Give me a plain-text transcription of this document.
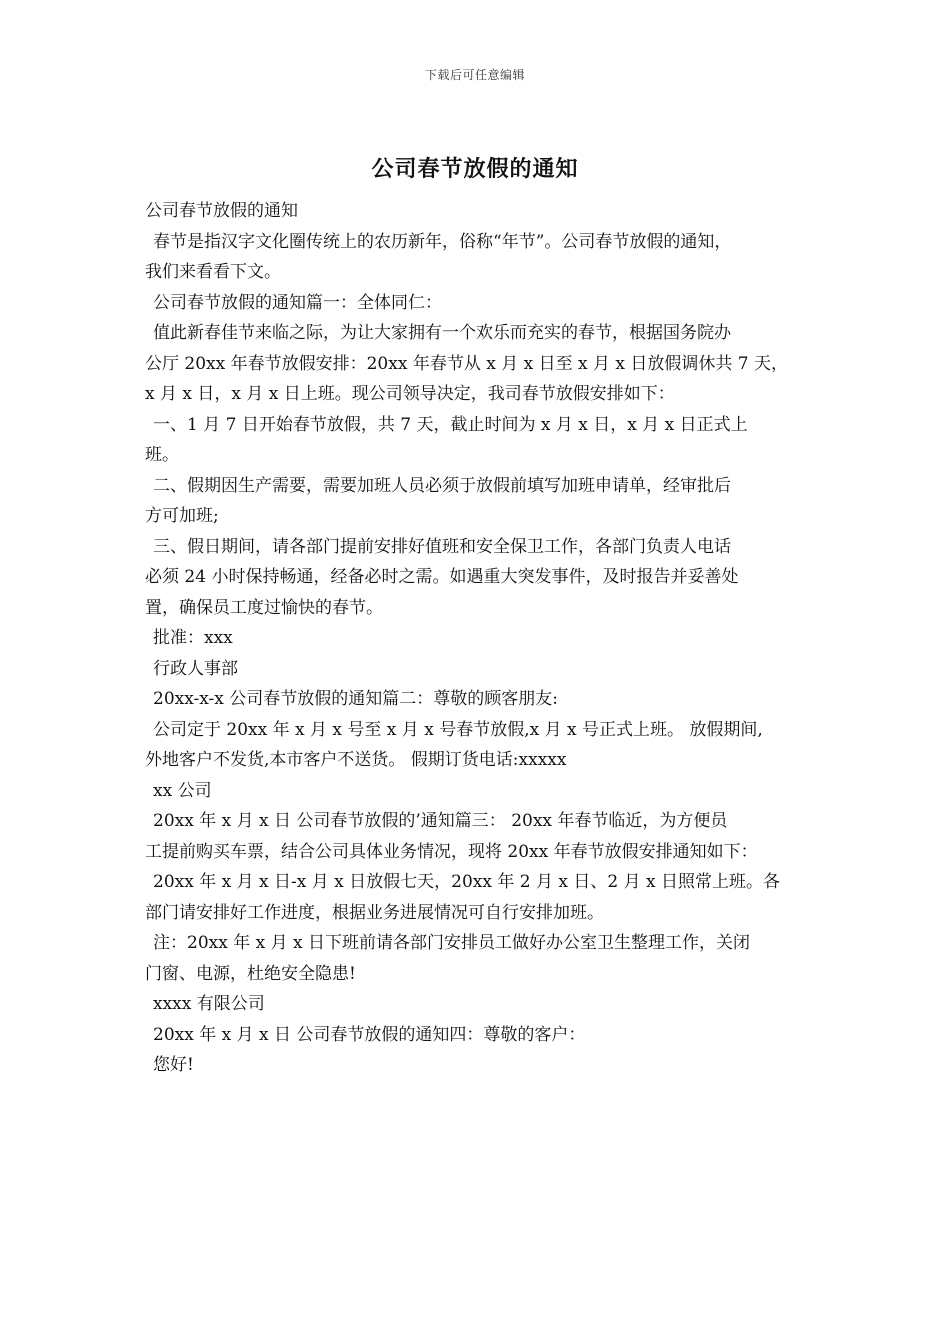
下载后可任意编辑
公司春节放假的通知
公司春节放假的通知
春节是指汉字文化圈传统上的农历新年，俗称“年节”。公司春节放假的通知，
我们来看看下文。
公司春节放假的通知篇一：全体同仁：
值此新春佳节来临之际，为让大家拥有一个欢乐而充实的春节，根据国务院办
公厅 20xx 年春节放假安排：20xx 年春节从 x 月 x 日至 x 月 x 日放假调休共 7 天，
x 月 x 日，x 月 x 日上班。现公司领导决定，我司春节放假安排如下：
一、1 月 7 日开始春节放假，共 7 天，截止时间为 x 月 x 日，x 月 x 日正式上
班。
二、假期因生产需要，需要加班人员必须于放假前填写加班申请单，经审批后
方可加班;
三、假日期间，请各部门提前安排好值班和安全保卫工作，各部门负责人电话
必须 24 小时保持畅通，经备必时之需。如遇重大突发事件，及时报告并妥善处
置，确保员工度过愉快的春节。
批准：xxx
行政人事部
20xx-x-x 公司春节放假的通知篇二：尊敬的顾客朋友:
公司定于 20xx 年 x 月 x 号至 x 月 x 号春节放假,x 月 x 号正式上班。 放假期间,
外地客户不发货,本市客户不送货。 假期订货电话:xxxxx
xx 公司
20xx 年 x 月 x 日 公司春节放假的’通知篇三： 20xx 年春节临近，为方便员
工提前购买车票，结合公司具体业务情况，现将 20xx 年春节放假安排通知如下：
20xx 年 x 月 x 日-x 月 x 日放假七天，20xx 年 2 月 x 日、2 月 x 日照常上班。各
部门请安排好工作进度，根据业务进展情况可自行安排加班。
注：20xx 年 x 月 x 日下班前请各部门安排员工做好办公室卫生整理工作，关闭
门窗、电源，杜绝安全隐患!
xxxx 有限公司
20xx 年 x 月 x 日 公司春节放假的通知四：尊敬的客户：
您好!
